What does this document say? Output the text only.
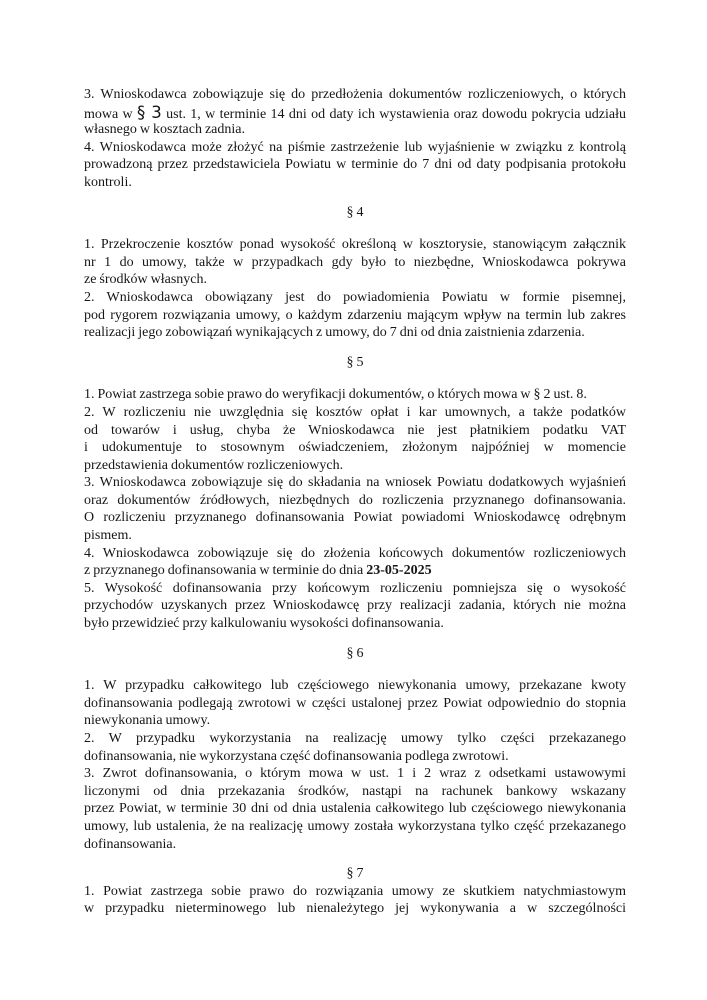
3. Wnioskodawca zobowiązuje się do przedłożenia dokumentów rozliczeniowych, o których
mowa w § 3 ust. 1, w terminie 14 dni od daty ich wystawienia oraz dowodu pokrycia udziału
własnego w kosztach zadnia.
4. Wnioskodawca może złożyć na piśmie zastrzeżenie lub wyjaśnienie w związku z kontrolą
prowadzoną przez przedstawiciela Powiatu w terminie do 7 dni od daty podpisania protokołu
kontroli.
§ 4
1. Przekroczenie kosztów ponad wysokość określoną w kosztorysie, stanowiącym załącznik
nr 1 do umowy, także w przypadkach gdy było to niezbędne, Wnioskodawca pokrywa
ze środków własnych.
2. Wnioskodawca obowiązany jest do powiadomienia Powiatu w formie pisemnej,
pod rygorem rozwiązania umowy, o każdym zdarzeniu mającym wpływ na termin lub zakres
realizacji jego zobowiązań wynikających z umowy, do 7 dni od dnia zaistnienia zdarzenia.
§ 5
1. Powiat zastrzega sobie prawo do weryfikacji dokumentów, o których mowa w § 2 ust. 8.
2. W rozliczeniu nie uwzględnia się kosztów opłat i kar umownych, a także podatków
od towarów i usług, chyba że Wnioskodawca nie jest płatnikiem podatku VAT
i udokumentuje to stosownym oświadczeniem, złożonym najpóźniej w momencie
przedstawienia dokumentów rozliczeniowych.
3. Wnioskodawca zobowiązuje się do składania na wniosek Powiatu dodatkowych wyjaśnień
oraz dokumentów źródłowych, niezbędnych do rozliczenia przyznanego dofinansowania.
O rozliczeniu przyznanego dofinansowania Powiat powiadomi Wnioskodawcę odrębnym
pismem.
4. Wnioskodawca zobowiązuje się do złożenia końcowych dokumentów rozliczeniowych
z przyznanego dofinansowania w terminie do dnia 23-05-2025
5. Wysokość dofinansowania przy końcowym rozliczeniu pomniejsza się o wysokość
przychodów uzyskanych przez Wnioskodawcę przy realizacji zadania, których nie można
było przewidzieć przy kalkulowaniu wysokości dofinansowania.
§ 6
1. W przypadku całkowitego lub częściowego niewykonania umowy, przekazane kwoty
dofinansowania podlegają zwrotowi w części ustalonej przez Powiat odpowiednio do stopnia
niewykonania umowy.
2. W przypadku wykorzystania na realizację umowy tylko części przekazanego
dofinansowania, nie wykorzystana część dofinansowania podlega zwrotowi.
3. Zwrot dofinansowania, o którym mowa w ust. 1 i 2 wraz z odsetkami ustawowymi
liczonymi od dnia przekazania środków, nastąpi na rachunek bankowy wskazany
przez Powiat, w terminie 30 dni od dnia ustalenia całkowitego lub częściowego niewykonania
umowy, lub ustalenia, że na realizację umowy została wykorzystana tylko część przekazanego
dofinansowania.
§ 7
1. Powiat zastrzega sobie prawo do rozwiązania umowy ze skutkiem natychmiastowym
w przypadku nieterminowego lub nienależytego jej wykonywania a w szczególności
